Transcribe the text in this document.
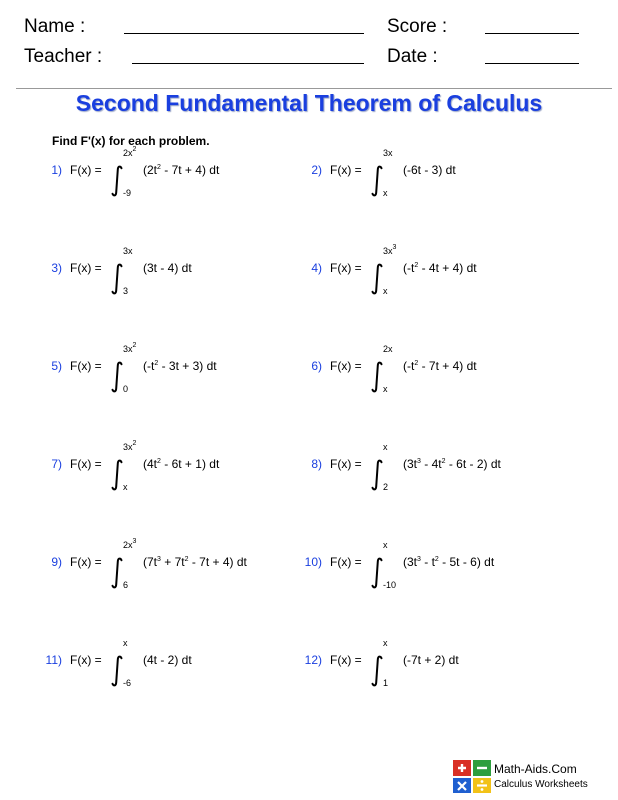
Name :	Score :
Teacher :	Date :
Second Fundamental Theorem of Calculus
Find F'(x) for each problem.
1) F(x) =
$2x^2$
-9
$(2t^2 - 7t + 4)$ dt	2) F(x) =
3x
x
(-6t - 3) dt
3) F(x) =
3x
3
(3t - 4) dt	4) F(x) =
$3x^3$
x
$(-t^2 - 4t + 4)$ dt
5) F(x) =
$3x^2$
0
$(-t^2 - 3t + 3)$ dt	6) F(x) =
2x
x
$(-t^2 - 7t + 4)$ dt
7) F(x) =
$3x^2$
x
$(4t^2 - 6t + 1)$ dt	8) F(x) =
x
2
$(3t^3 - 4t^2 - 6t - 2)$ dt
9) F(x) =
$2x^3$
6
$(7t^3 + 7t^2 - 7t + 4)$ dt	10) F(x) =
x
-10
$(3t^3 - t^2 - 5t - 6)$ dt
11) F(x) =
x
-6
(4t - 2) dt	12) F(x) =
x
1
(-7t + 2) dt
Math-Aids.Com
Calculus Worksheets
